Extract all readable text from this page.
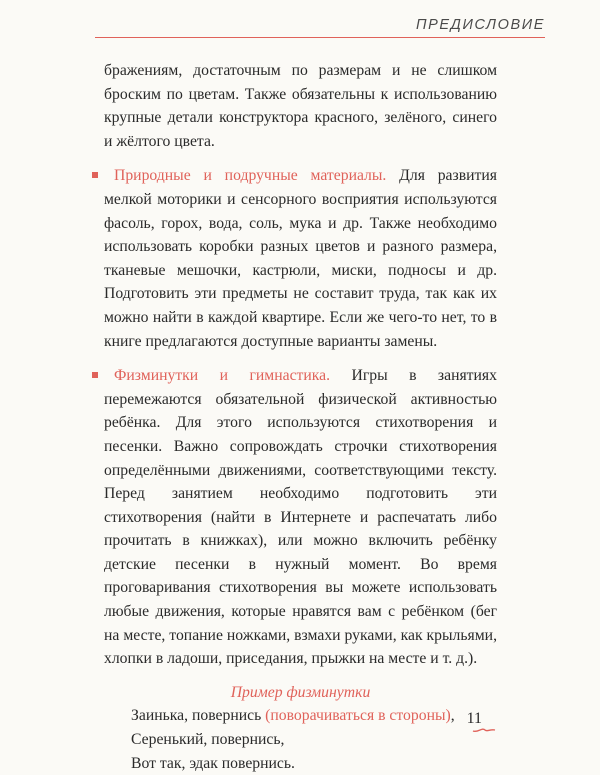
ПРЕДИСЛОВИЕ

бражениям, достаточным по размерам и не слишком броским по цветам. Также обязательны к использованию крупные детали конструктора красного, зелёного, синего и жёлтого цвета.

Природные и подручные материалы. Для развития мелкой моторики и сенсорного восприятия используются фасоль, горох, вода, соль, мука и др. Также необходимо использовать коробки разных цветов и разного размера, тканевые мешочки, кастрюли, миски, подносы и др. Подготовить эти предметы не составит труда, так как их можно найти в каждой квартире. Если же чего-то нет, то в книге предлагаются доступные варианты замены.

Физминутки и гимнастика. Игры в занятиях перемежаются обязательной физической активностью ребёнка. Для этого используются стихотворения и песенки. Важно сопровождать строчки стихотворения определёнными движениями, соответствующими тексту. Перед занятием необходимо подготовить эти стихотворения (найти в Интернете и распечатать либо прочитать в книжках), или можно включить ребёнку детские песенки в нужный момент. Во время проговаривания стихотворения вы можете использовать любые движения, которые нравятся вам с ребёнком (бег на месте, топание ножками, взмахи руками, как крыльями, хлопки в ладоши, приседания, прыжки на месте и т. д.).

Пример физминутки

Заинька, повернись (поворачиваться в стороны),

Серенький, повернись,

Вот так, эдак повернись.

11
